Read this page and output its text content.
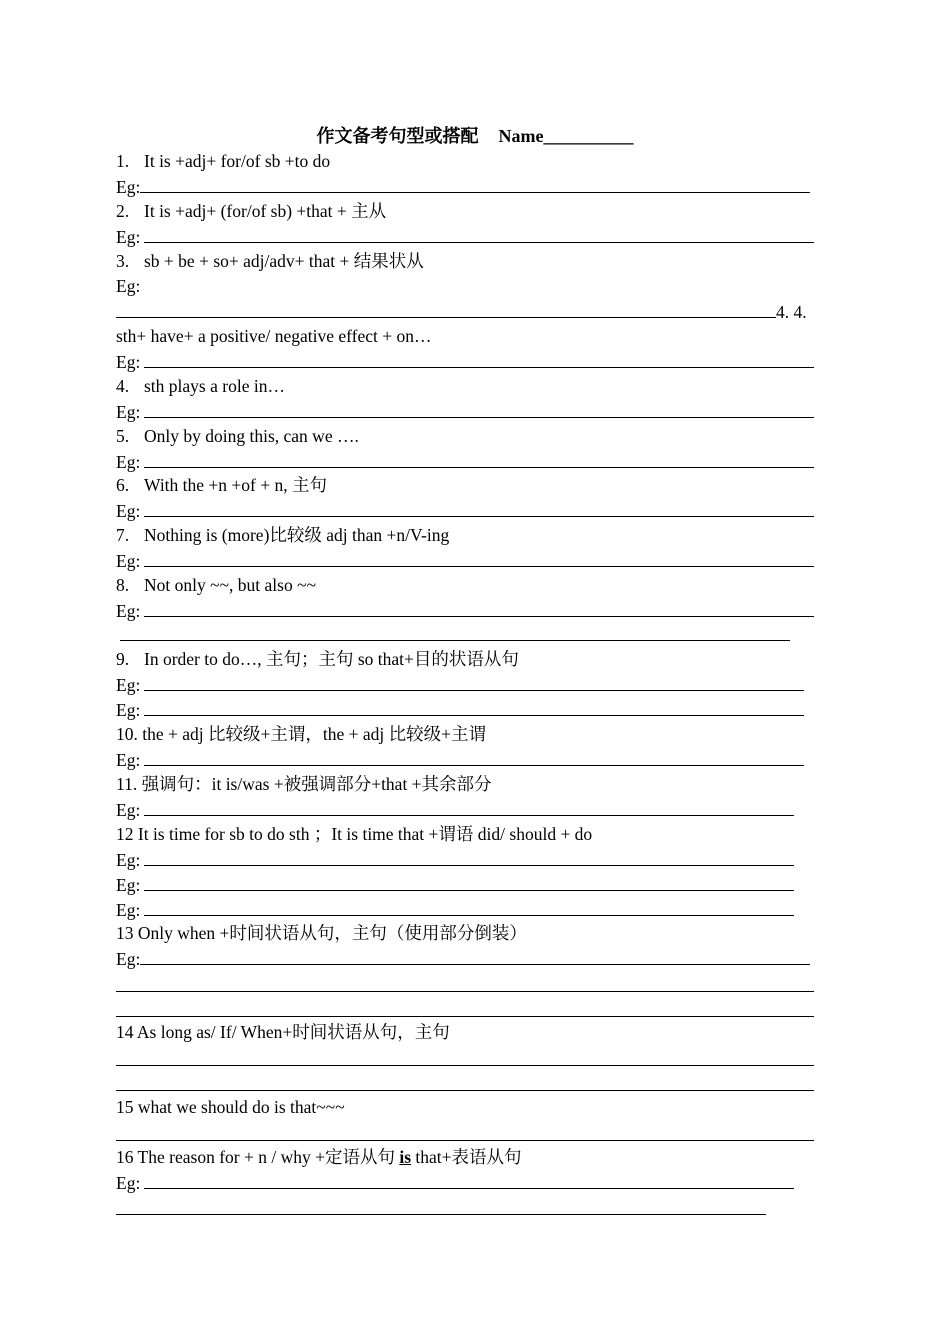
作文备考句型或搭配 Name__________
1. It is +adj+ for/of sb +to do
Eg:
2. It is +adj+ (for/of sb) +that + 主从
Eg:
3. sb + be + so+ adj/adv+ that + 结果状从
Eg:
4. 4.
sth+ have+ a positive/ negative effect + on…
Eg:
4. sth plays a role in…
Eg:
5. Only by doing this, can we ….
Eg:
6. With the +n +of + n, 主句
Eg:
7. Nothing is (more)比较级 adj than +n/V-ing
Eg:
8. Not only ~~, but also ~~
Eg:
9. In order to do…, 主句；主句 so that+目的状语从句
Eg:
Eg:
10. the + adj 比较级+主谓，the + adj 比较级+主谓
Eg:
11. 强调句：it is/was +被强调部分+that +其余部分
Eg:
12 It is time for sb to do sth ；It is time that +谓语 did/ should + do
Eg:
Eg:
Eg:
13 Only when +时间状语从句，主句（使用部分倒装）
Eg:
14 As long as/ If/ When+时间状语从句，主句
15 what we should do is that~~~
16 The reason for + n / why +定语从句 is that+表语从句
Eg:
